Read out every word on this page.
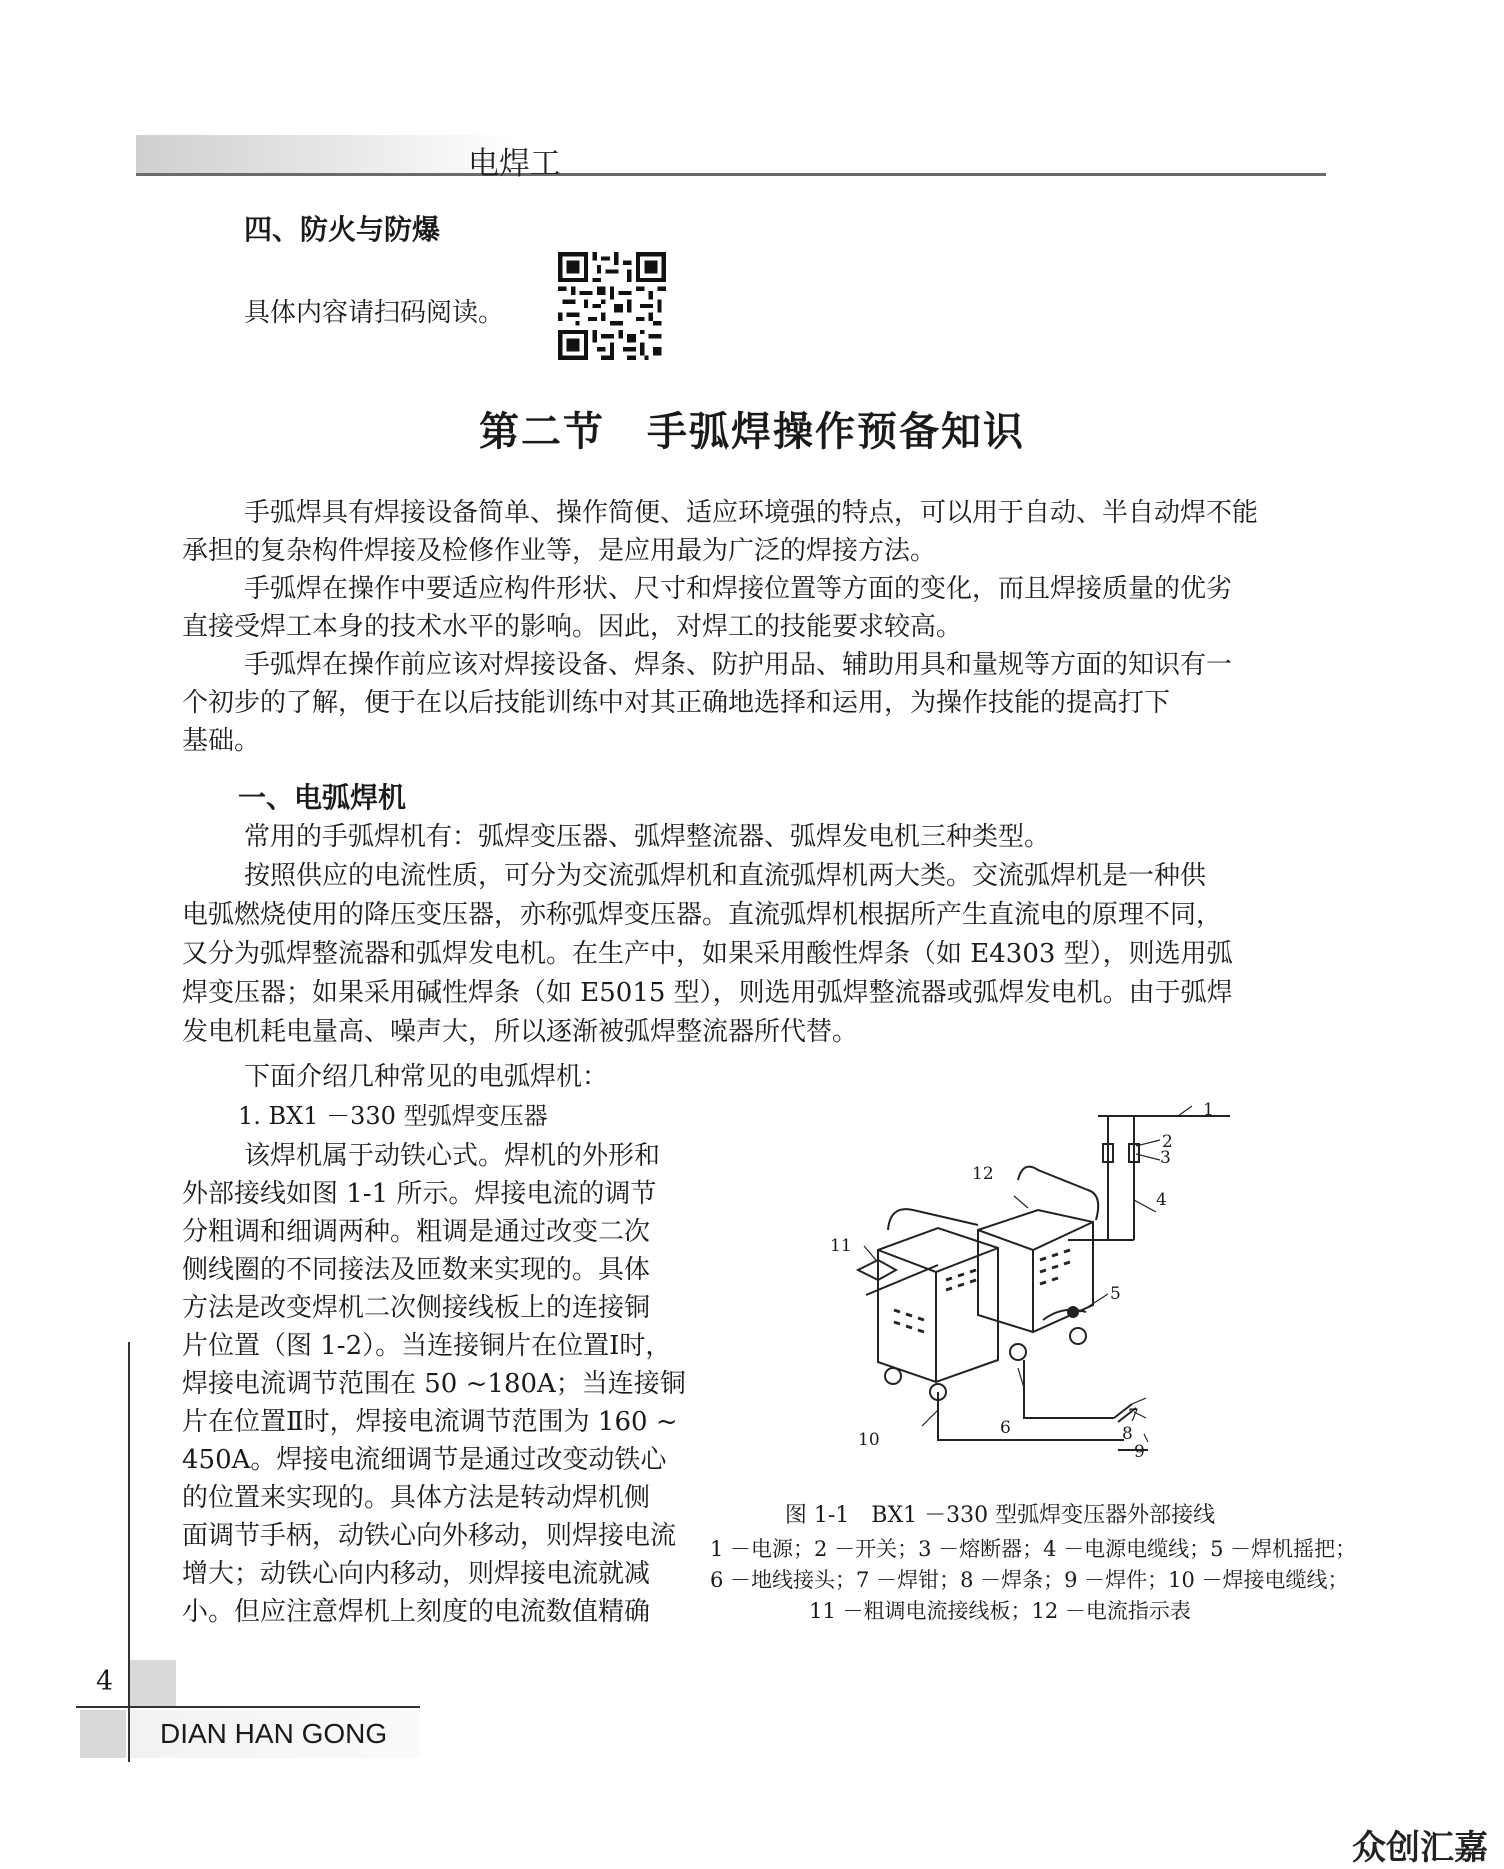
电焊工
四、防火与防爆
具体内容请扫码阅读。
第二节　手弧焊操作预备知识
手弧焊具有焊接设备简单、操作简便、适应环境强的特点，可以用于自动、半自动焊不能
承担的复杂构件焊接及检修作业等，是应用最为广泛的焊接方法。
手弧焊在操作中要适应构件形状、尺寸和焊接位置等方面的变化，而且焊接质量的优劣
直接受焊工本身的技术水平的影响。因此，对焊工的技能要求较高。
手弧焊在操作前应该对焊接设备、焊条、防护用品、辅助用具和量规等方面的知识有一
个初步的了解，便于在以后技能训练中对其正确地选择和运用，为操作技能的提高打下
基础。
一、电弧焊机
常用的手弧焊机有：弧焊变压器、弧焊整流器、弧焊发电机三种类型。
按照供应的电流性质，可分为交流弧焊机和直流弧焊机两大类。交流弧焊机是一种供
电弧燃烧使用的降压变压器，亦称弧焊变压器。直流弧焊机根据所产生直流电的原理不同，
又分为弧焊整流器和弧焊发电机。在生产中，如果采用酸性焊条（如 E4303 型），则选用弧
焊变压器；如果采用碱性焊条（如 E5015 型），则选用弧焊整流器或弧焊发电机。由于弧焊
发电机耗电量高、噪声大，所以逐渐被弧焊整流器所代替。
下面介绍几种常见的电弧焊机：
1. BX1 －330 型弧焊变压器
该焊机属于动铁心式。焊机的外形和
外部接线如图 1-1 所示。焊接电流的调节
分粗调和细调两种。粗调是通过改变二次
侧线圈的不同接法及匝数来实现的。具体
方法是改变焊机二次侧接线板上的连接铜
片位置（图 1-2）。当连接铜片在位置Ⅰ时，
焊接电流调节范围在 50 ~180A；当连接铜
片在位置Ⅱ时，焊接电流调节范围为 160 ~
450A。焊接电流细调节是通过改变动铁心
的位置来实现的。具体方法是转动焊机侧
面调节手柄，动铁心向外移动，则焊接电流
增大；动铁心向内移动，则焊接电流就减
小。但应注意焊机上刻度的电流数值精确
1
2
3
4
5
6
7
8
9
10
11
12
图 1-1　BX1 －330 型弧焊变压器外部接线
1 －电源；2 －开关；3 －熔断器；4 －电源电缆线；5 －焊机摇把；
6 －地线接头；7 －焊钳；8 －焊条；9 －焊件；10 －焊接电缆线；
11 －粗调电流接线板；12 －电流指示表
4
DIAN HAN GONG
众创汇嘉
